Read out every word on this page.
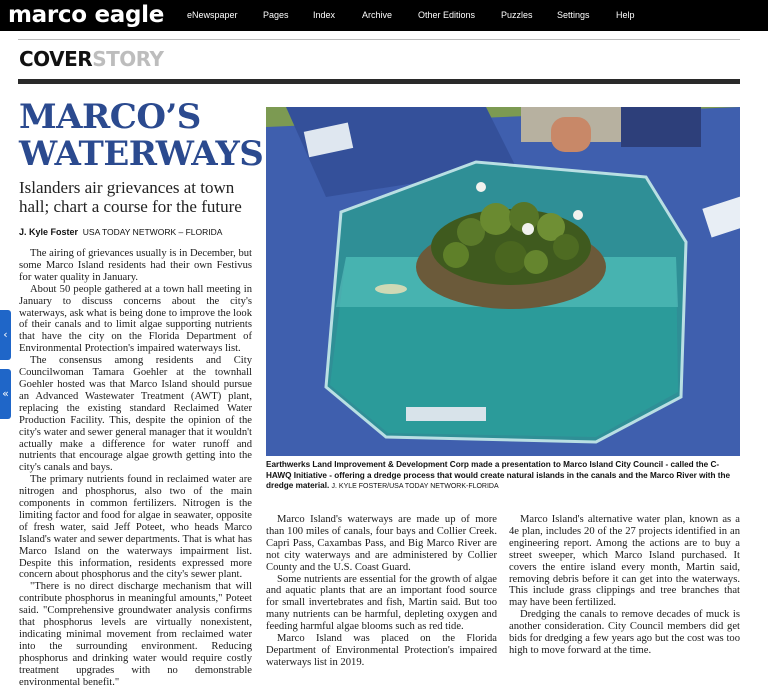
marco eagle	eNewspaper	Pages	Index	Archive	Other Editions	Puzzles	Settings	Help
‹
«
COVERSTORY
MARCO’S
WATERWAYS
Islanders air grievances at town hall; chart a course for the future
J. Kyle Foster USA TODAY NETWORK – FLORIDA

The airing of grievances usually is in December, but some Marco Island residents had their own Festivus for water quality in January.

About 50 people gathered at a town hall meeting in January to discuss concerns about the city's waterways, ask what is being done to improve the look of their canals and to limit algae supporting nutrients that have the city on the Florida Department of Environmental Protection's impaired waterways list.

The consensus among residents and City Councilwoman Tamara Goehler at the townhall Goehler hosted was that Marco Island should pursue an Advanced Wastewater Treatment (AWT) plant, replacing the existing standard Reclaimed Water Production Facility. This, despite the opinion of the city's water and sewer general manager that it wouldn't actually make a difference for water runoff and nutrients that encourage algae growth getting into the city's canals and bays.

The primary nutrients found in reclaimed water are nitrogen and phosphorus, also two of the main components in common fertilizers. Nitrogen is the limiting factor and food for algae in seawater, opposite of fresh water, said Jeff Poteet, who heads Marco Island's water and sewer departments. That is what has Marco Island on the waterways impairment list. Despite this information, residents expressed more concern about phosphorus and the city's sewer plant.

"There is no direct discharge mechanism that will contribute phosphorus in meaningful amounts," Poteet said. "Comprehensive groundwater analysis confirms that phosphorus levels are virtually nonexistent, indicating minimal movement from reclaimed water into the surrounding environment. Reducing phosphorus and drinking water would require costly treatment upgrades with no demonstrable environmental benefit."

Earthwerks Land Improvement & Development Corp made a presentation to Marco Island City Council - called the C-HAWQ Initiative - offering a dredge process that would create natural islands in the canals and the Marco River with the dredge material. J. KYLE FOSTER/USA TODAY NETWORK-FLORIDA

Marco Island's waterways are made up of more than 100 miles of canals, four bays and Collier Creek. Capri Pass, Caxambas Pass, and Big Marco River are not city waterways and are administered by Collier County and the U.S. Coast Guard.

Some nutrients are essential for the growth of algae and aquatic plants that are an important food source for small invertebrates and fish, Martin said. But too many nutrients can be harmful, depleting oxygen and feeding harmful algae blooms such as red tide.

Marco Island was placed on the Florida Department of Environmental Protection's impaired waterways list in 2019.

Marco Island's alternative water plan, known as a 4e plan, includes 20 of the 27 projects identified in an engineering report. Among the actions are to buy a street sweeper, which Marco Island purchased. It covers the entire island every month, Martin said, removing debris before it can get into the waterways. This include grass clippings and tree branches that may have been fertilized.

Dredging the canals to remove decades of muck is another consideration. City Council members did get bids for dredging a few years ago but the cost was too high to move forward at the time.
